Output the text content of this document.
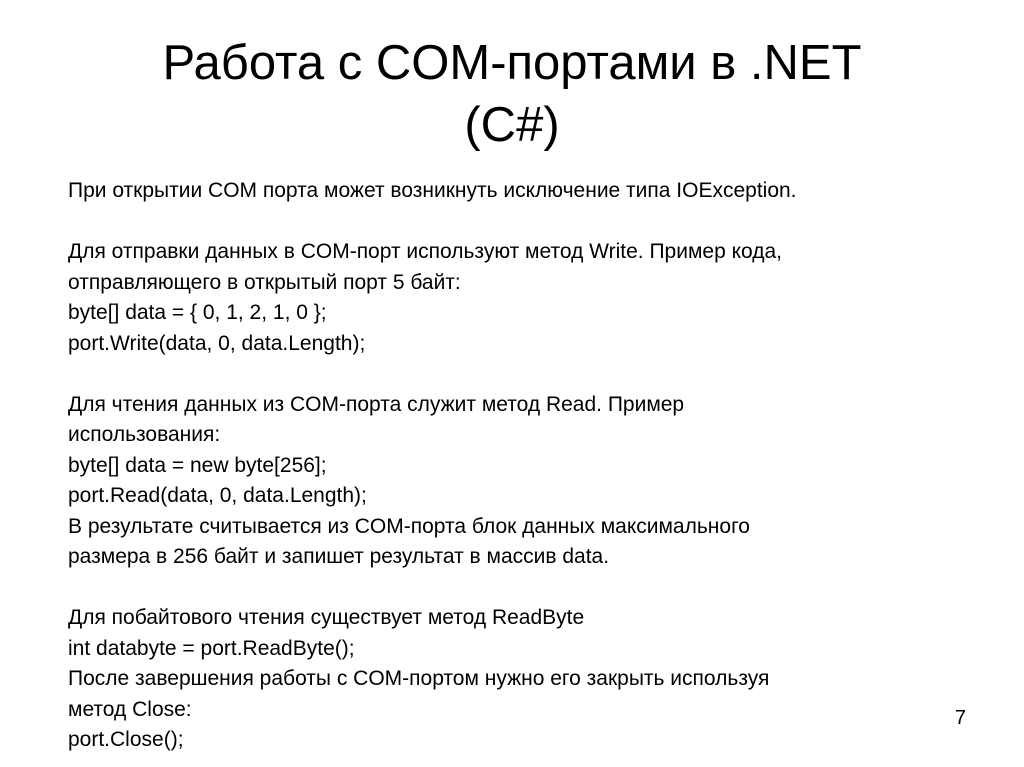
Работа с COM-портами в .NET
(C#)
При открытии COM порта может возникнуть исключение типа IOException.
Для отправки данных в COM-порт используют метод Write. Пример кода,
отправляющего в открытый порт 5 байт:
byte[] data = { 0, 1, 2, 1, 0 };
port.Write(data, 0, data.Length);
Для чтения данных из COM-порта служит метод Read. Пример
использования:
byte[] data = new byte[256];
port.Read(data, 0, data.Length);
В результате считывается из COM-порта блок данных максимального
размера в 256 байт и запишет результат в массив data.
Для побайтового чтения существует метод ReadByte
int databyte = port.ReadByte();
После завершения работы с COM-портом нужно его закрыть используя
метод Close:
port.Close();
7
